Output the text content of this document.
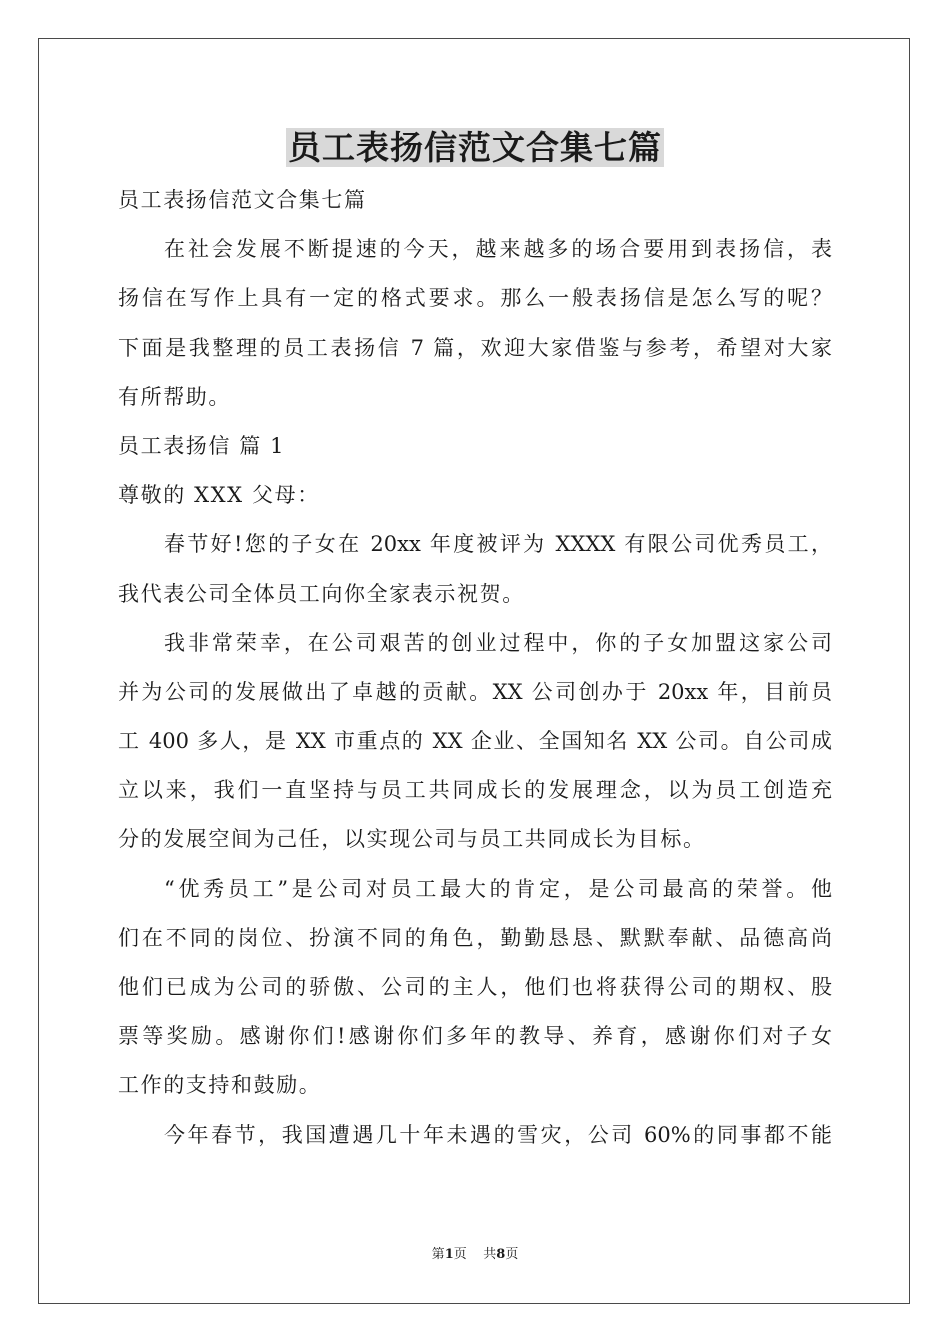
员工表扬信范文合集七篇
员工表扬信范文合集七篇
在社会发展不断提速的今天，越来越多的场合要用到表扬信，表
扬信在写作上具有一定的格式要求。那么一般表扬信是怎么写的呢？
下面是我整理的员工表扬信 7 篇，欢迎大家借鉴与参考，希望对大家
有所帮助。
员工表扬信 篇 1
尊敬的 XXX 父母：
春节好!您的子女在 20xx 年度被评为 XXXX 有限公司优秀员工，
我代表公司全体员工向你全家表示祝贺。
我非常荣幸，在公司艰苦的创业过程中，你的子女加盟这家公司
并为公司的发展做出了卓越的贡献。XX 公司创办于 20xx 年，目前员
工 400 多人，是 XX 市重点的 XX 企业、全国知名 XX 公司。自公司成
立以来，我们一直坚持与员工共同成长的发展理念，以为员工创造充
分的发展空间为己任，以实现公司与员工共同成长为目标。
“优秀员工”是公司对员工最大的肯定，是公司最高的荣誉。他
们在不同的岗位、扮演不同的角色，勤勤恳恳、默默奉献、品德高尚
他们已成为公司的骄傲、公司的主人，他们也将获得公司的期权、股
票等奖励。感谢你们!感谢你们多年的教导、养育，感谢你们对子女
工作的支持和鼓励。
今年春节，我国遭遇几十年未遇的雪灾，公司 60%的同事都不能
第1页    共8页
